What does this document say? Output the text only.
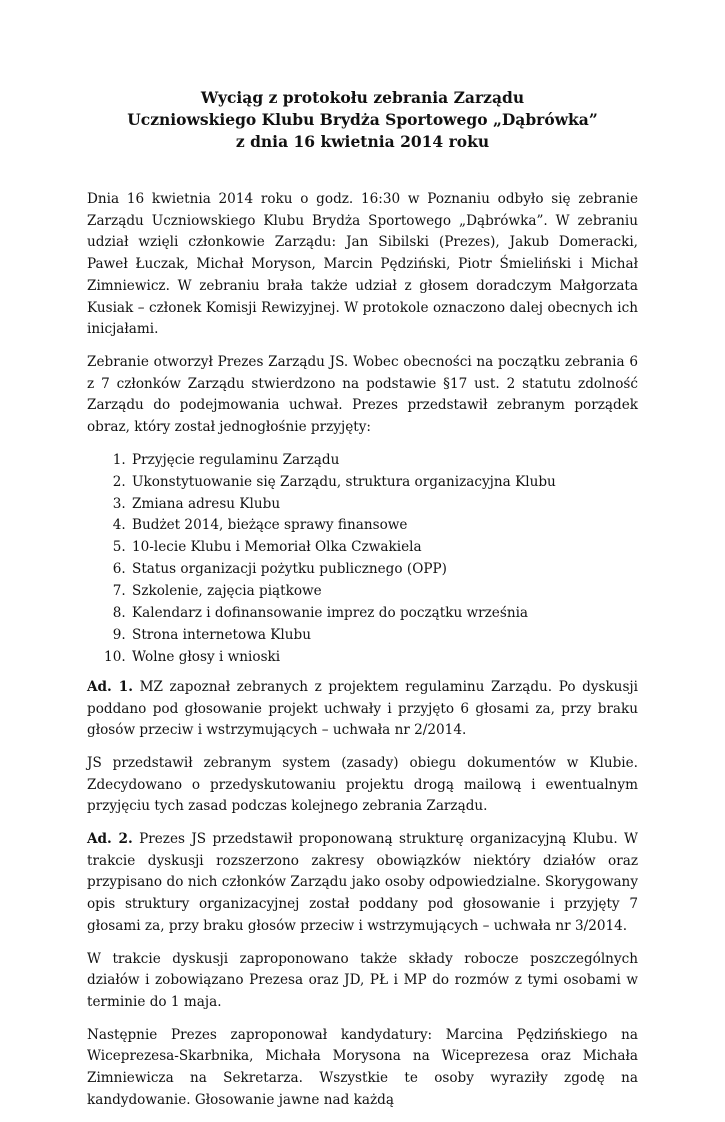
Wyciąg z protokołu zebrania Zarządu
Uczniowskiego Klubu Brydża Sportowego „Dąbrówka”
z dnia 16 kwietnia 2014 roku

Dnia 16 kwietnia 2014 roku o godz. 16:30 w Poznaniu odbyło się zebranie Zarządu Uczniowskiego Klubu Brydża Sportowego „Dąbrówka”. W zebraniu udział wzięli członkowie Zarządu: Jan Sibilski (Prezes), Jakub Domeracki, Paweł Łuczak, Michał Moryson, Marcin Pędziński, Piotr Śmieliński i Michał Zimniewicz. W zebraniu brała także udział z głosem doradczym Małgorzata Kusiak – członek Komisji Rewizyjnej. W protokole oznaczono dalej obecnych ich inicjałami.

Zebranie otworzył Prezes Zarządu JS. Wobec obecności na początku zebrania 6 z 7 członków Zarządu stwierdzono na podstawie §17 ust. 2 statutu zdolność Zarządu do podejmowania uchwał. Prezes przedstawił zebranym porządek obraz, który został jednogłośnie przyjęty:

1. Przyjęcie regulaminu Zarządu
2. Ukonstytuowanie się Zarządu, struktura organizacyjna Klubu
3. Zmiana adresu Klubu
4. Budżet 2014, bieżące sprawy finansowe
5. 10-lecie Klubu i Memoriał Olka Czwakiela
6. Status organizacji pożytku publicznego (OPP)
7. Szkolenie, zajęcia piątkowe
8. Kalendarz i dofinansowanie imprez do początku września
9. Strona internetowa Klubu
10. Wolne głosy i wnioski

Ad. 1. MZ zapoznał zebranych z projektem regulaminu Zarządu. Po dyskusji poddano pod głosowanie projekt uchwały i przyjęto 6 głosami za, przy braku głosów przeciw i wstrzymujących – uchwała nr 2/2014.

JS przedstawił zebranym system (zasady) obiegu dokumentów w Klubie. Zdecydowano o przedyskutowaniu projektu drogą mailową i ewentualnym przyjęciu tych zasad podczas kolejnego zebrania Zarządu.

Ad. 2. Prezes JS przedstawił proponowaną strukturę organizacyjną Klubu. W trakcie dyskusji rozszerzono zakresy obowiązków niektóry działów oraz przypisano do nich członków Zarządu jako osoby odpowiedzialne. Skorygowany opis struktury organizacyjnej został poddany pod głosowanie i przyjęty 7 głosami za, przy braku głosów przeciw i wstrzymujących – uchwała nr 3/2014.

W trakcie dyskusji zaproponowano także składy robocze poszczególnych działów i zobowiązano Prezesa oraz JD, PŁ i MP do rozmów z tymi osobami w terminie do 1 maja.

Następnie Prezes zaproponował kandydatury: Marcina Pędzińskiego na Wiceprezesa-Skarbnika, Michała Morysona na Wiceprezesa oraz Michała Zimniewicza na Sekretarza. Wszystkie te osoby wyraziły zgodę na kandydowanie. Głosowanie jawne nad każdą
